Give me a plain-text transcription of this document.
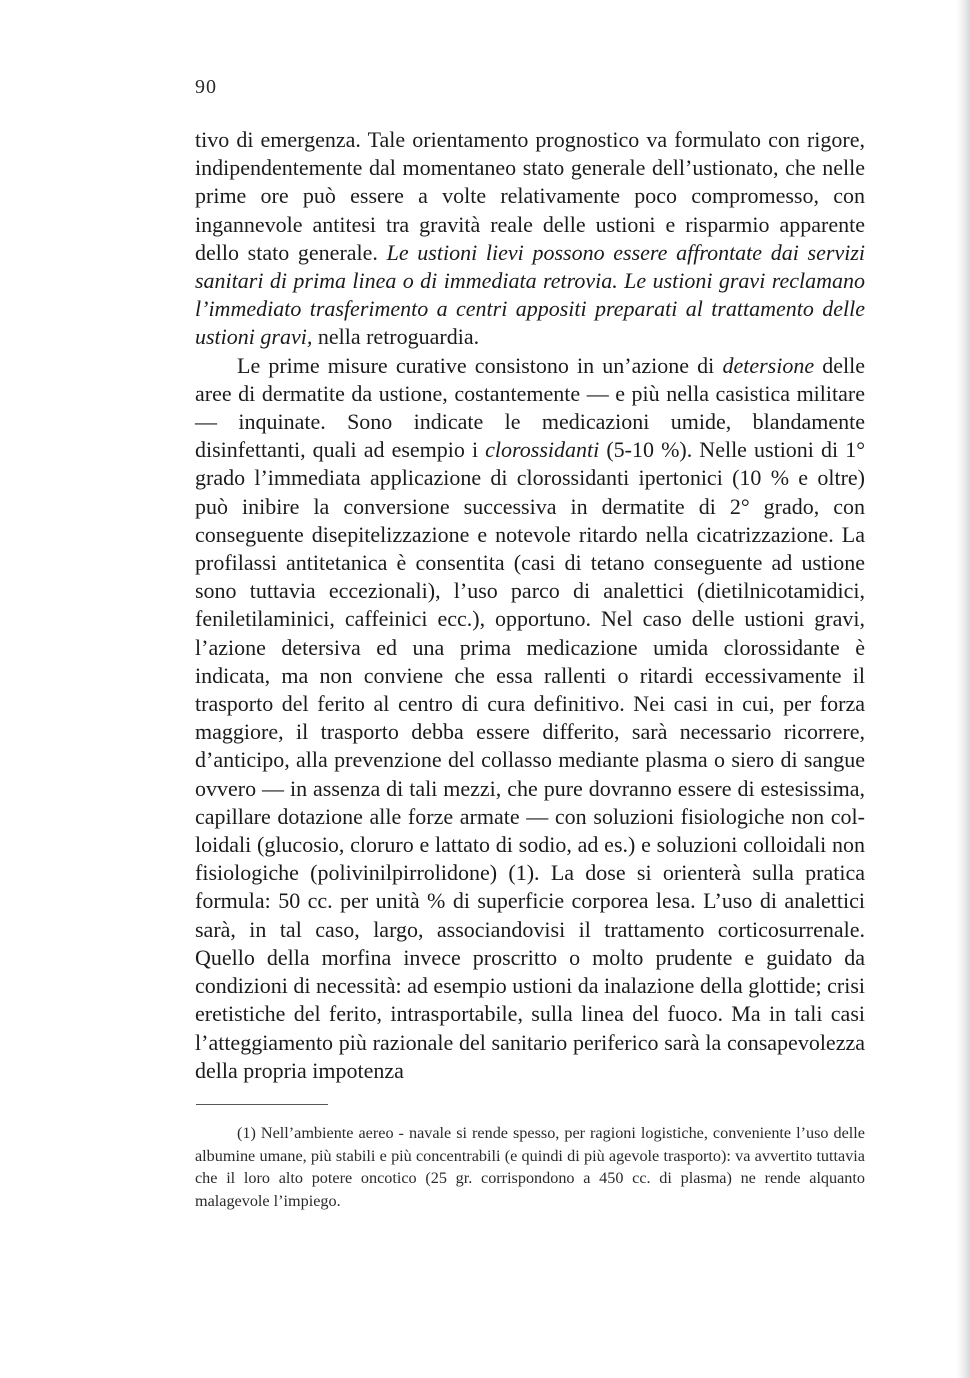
90

tivo di emergenza. Tale orientamento prognostico va formulato con rigore, indipendentemente dal momentaneo stato generale dell’ustionato, che nelle prime ore può essere a volte relativamente poco compromesso, con ingannevole antitesi tra gravità reale delle ustioni e risparmio apparente dello stato generale. Le ustioni lievi possono essere affrontate dai servizi sanitari di prima linea o di immediata retrovia. Le ustioni gravi reclamano l’immediato trasferimento a centri appositi preparati al trattamento delle ustioni gravi, nella retroguardia.

Le prime misure curative consistono in un’azione di detersione delle aree di dermatite da ustione, costantemente — e più nella casistica militare — inquinate. Sono indicate le medicazioni umide, blandamente disinfettanti, quali ad esempio i clorossidanti (5-10 %). Nelle ustioni di 1° grado l’immediata applicazione di clorossidanti ipertonici (10 % e oltre) può inibire la conversione successiva in dermatite di 2° grado, con conseguente disepitelizzazione e notevole ritardo nella cicatrizzazione. La profilassi antitetanica è consentita (casi di tetano conseguente ad ustione sono tuttavia eccezionali), l’uso parco di analettici (dietilnicotamidici, feniletilaminici, caffeinici ecc.), opportuno. Nel caso delle ustioni gravi, l’azione detersiva ed una prima medicazione umida clorossidante è indicata, ma non conviene che essa rallenti o ritardi eccessivamente il trasporto del ferito al centro di cura definitivo. Nei casi in cui, per forza maggiore, il trasporto debba essere differito, sarà necessario ricorrere, d’anticipo, alla prevenzione del collasso mediante plasma o siero di sangue ovvero — in assenza di tali mezzi, che pure dovranno essere di estesissima, capillare dotazione alle forze armate — con soluzioni fisiologiche non colloidali (glucosio, cloruro e lattato di sodio, ad es.) e soluzioni colloidali non fisiologiche (polivinilpirrolidone) (1). La dose si orienterà sulla pratica formula: 50 cc. per unità % di superficie corporea lesa. L’uso di analettici sarà, in tal caso, largo, associandovisi il trattamento corticosurrenale. Quello della morfina invece proscritto o molto prudente e guidato da condizioni di necessità: ad esempio ustioni da inalazione della glottide; crisi eretistiche del ferito, intrasportabile, sulla linea del fuoco. Ma in tali casi l’atteggiamento più razionale del sanitario periferico sarà la consapevolezza della propria impotenza

(1) Nell’ambiente aereo - navale si rende spesso, per ragioni logistiche, conveniente l’uso delle albumine umane, più stabili e più concentrabili (e quindi di più agevole trasporto): va avvertito tuttavia che il loro alto potere oncotico (25 gr. corrispondono a 450 cc. di plasma) ne rende alquanto malagevole l’impiego.
